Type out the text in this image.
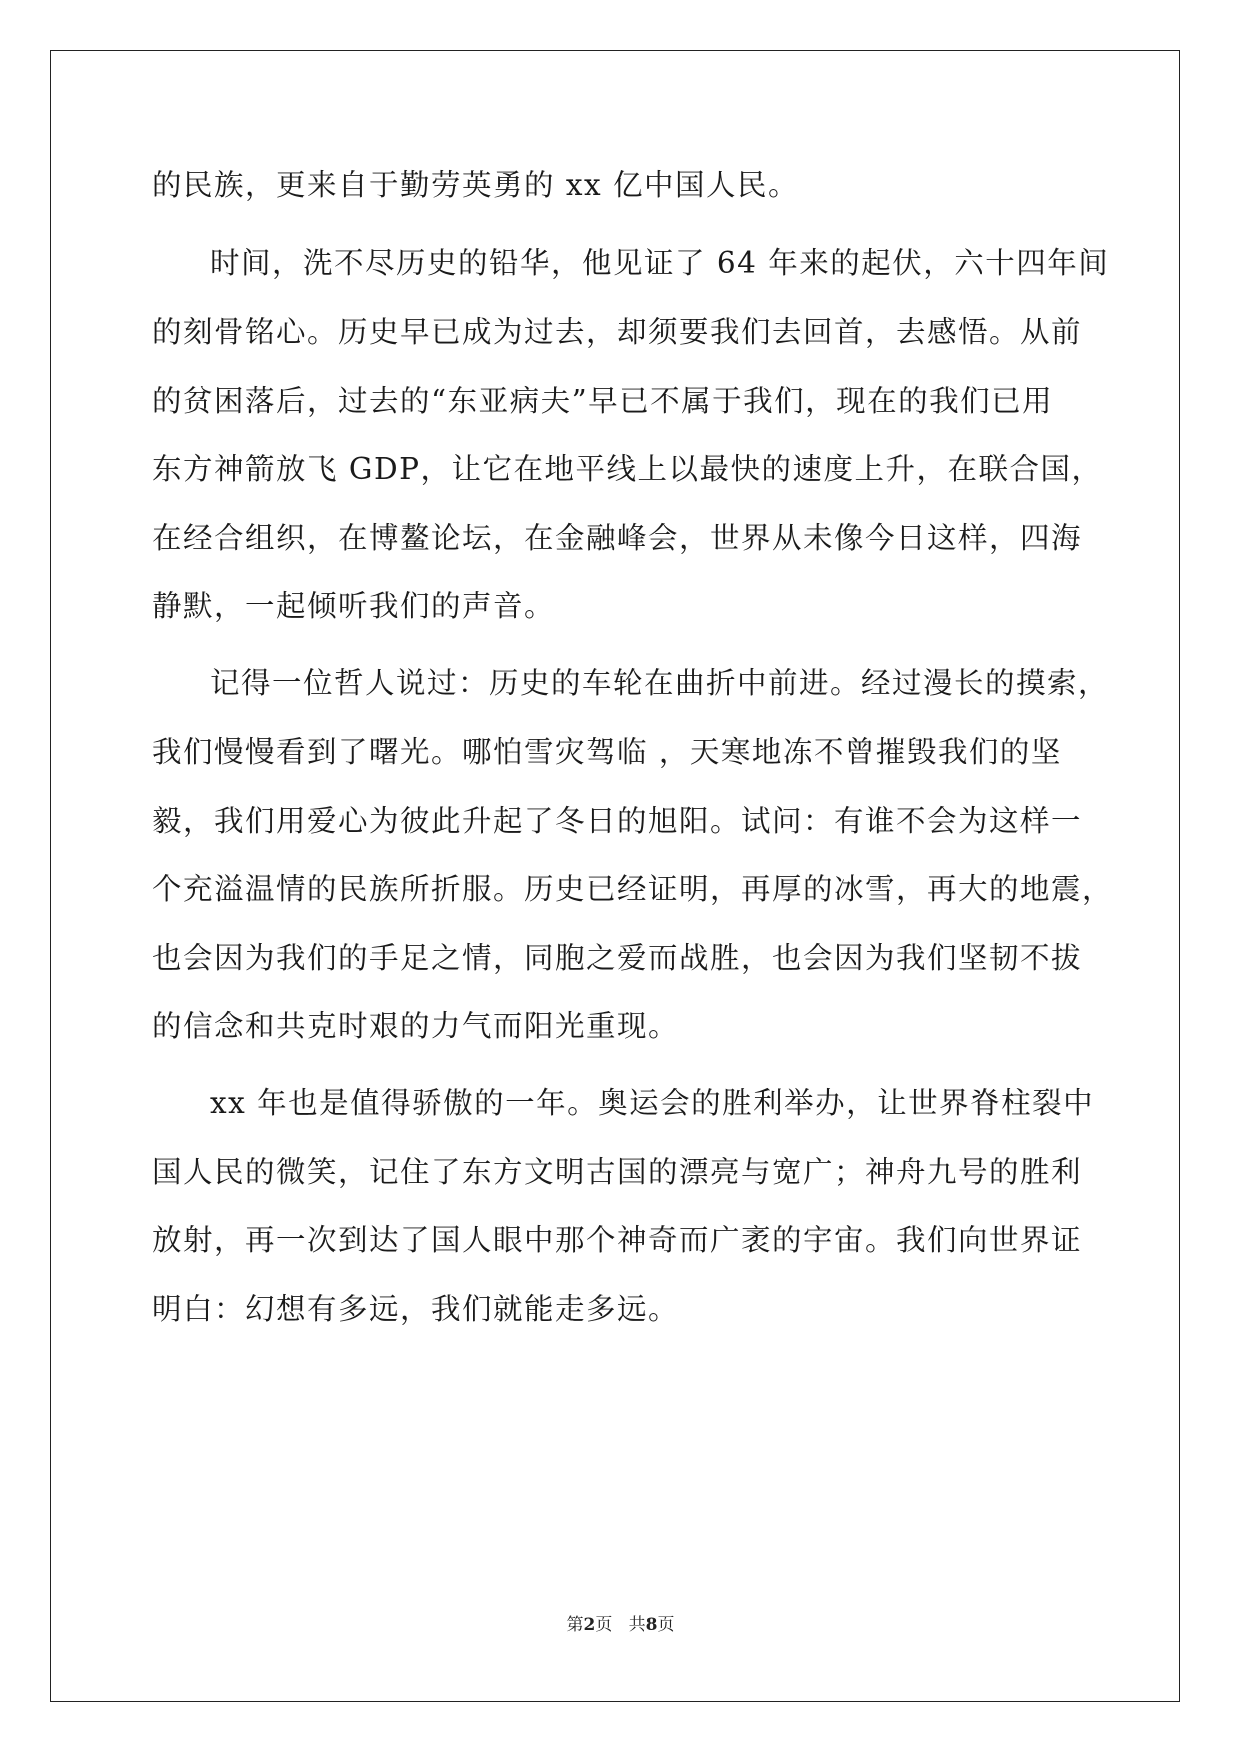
的民族，更来自于勤劳英勇的 xx 亿中国人民。
时间，洗不尽历史的铅华，他见证了 64 年来的起伏，六十四年间
的刻骨铭心。历史早已成为过去，却须要我们去回首，去感悟。从前
的贫困落后，过去的“东亚病夫”早已不属于我们，现在的我们已用
东方神箭放飞 GDP，让它在地平线上以最快的速度上升，在联合国，
在经合组织，在博鳌论坛，在金融峰会，世界从未像今日这样，四海
静默，一起倾听我们的声音。
记得一位哲人说过：历史的车轮在曲折中前进。经过漫长的摸索，
我们慢慢看到了曙光。哪怕雪灾驾临 ，天寒地冻不曾摧毁我们的坚
毅，我们用爱心为彼此升起了冬日的旭阳。试问：有谁不会为这样一
个充溢温情的民族所折服。历史已经证明，再厚的冰雪，再大的地震，
也会因为我们的手足之情，同胞之爱而战胜，也会因为我们坚韧不拔
的信念和共克时艰的力气而阳光重现。
xx 年也是值得骄傲的一年。奥运会的胜利举办，让世界脊柱裂中
国人民的微笑，记住了东方文明古国的漂亮与宽广；神舟九号的胜利
放射，再一次到达了国人眼中那个神奇而广袤的宇宙。我们向世界证
明白：幻想有多远，我们就能走多远。
第2页 共8页
